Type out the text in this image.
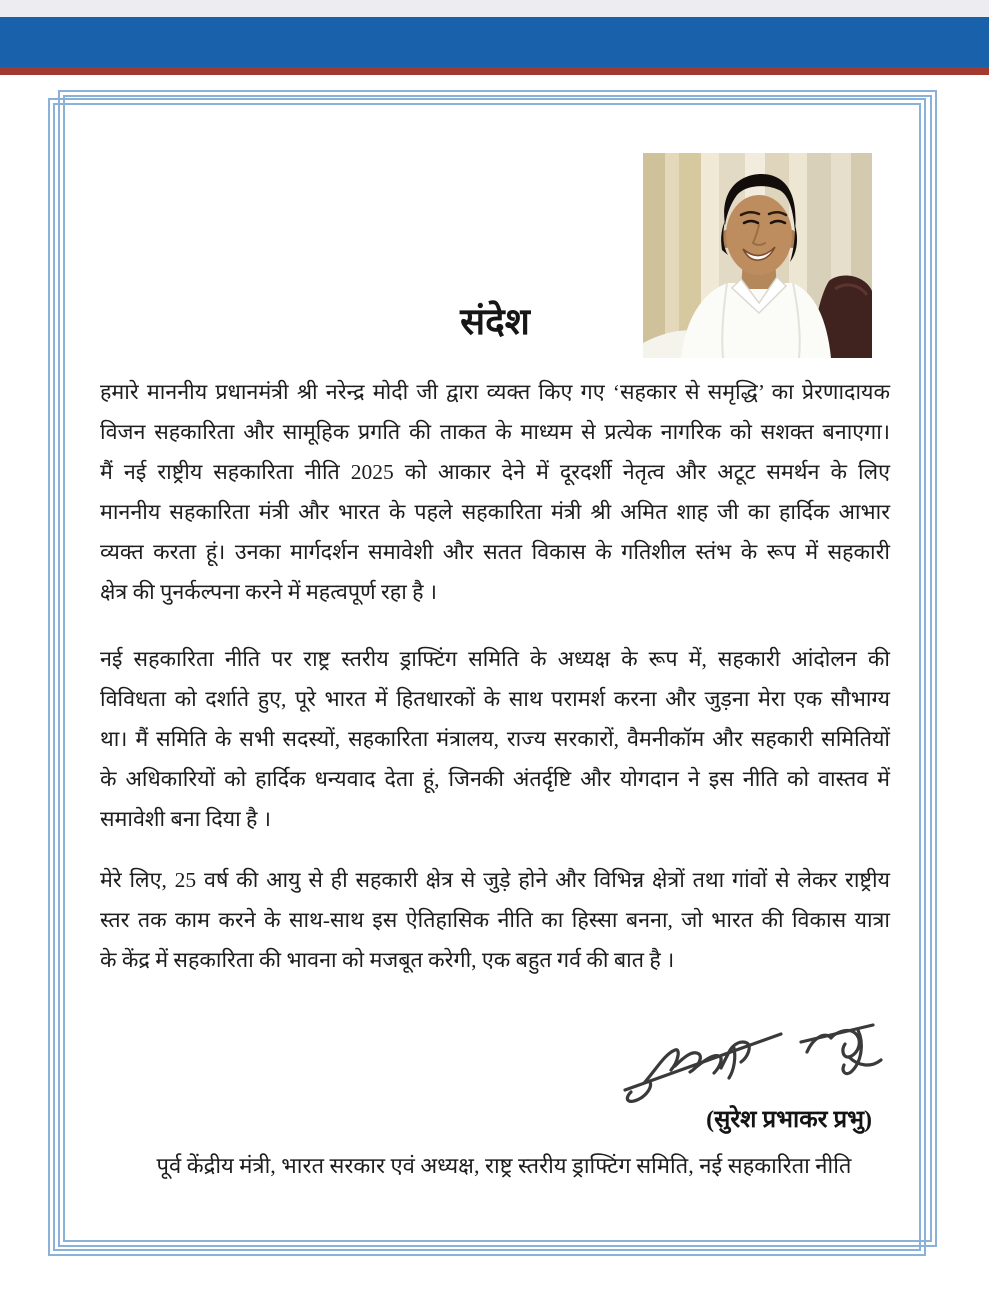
संदेश
हमारे माननीय प्रधानमंत्री श्री नरेन्द्र मोदी जी द्वारा व्यक्त किए गए ‘सहकार से समृद्धि’ का प्रेरणादायक
विजन सहकारिता और सामूहिक प्रगति की ताकत के माध्यम से प्रत्येक नागरिक को सशक्त बनाएगा।
मैं नई राष्ट्रीय सहकारिता नीति 2025 को आकार देने में दूरदर्शी नेतृत्व और अटूट समर्थन के लिए
माननीय सहकारिता मंत्री और भारत के पहले सहकारिता मंत्री श्री अमित शाह जी का हार्दिक आभार
व्यक्त करता हूं। उनका मार्गदर्शन समावेशी और सतत विकास के गतिशील स्तंभ के रूप में सहकारी
क्षेत्र की पुनर्कल्पना करने में महत्वपूर्ण रहा है ।
नई सहकारिता नीति पर राष्ट्र स्तरीय ड्राफ्टिंग समिति के अध्यक्ष के रूप में, सहकारी आंदोलन की
विविधता को दर्शाते हुए, पूरे भारत में हितधारकों के साथ परामर्श करना और जुड़ना मेरा एक सौभाग्य
था। मैं समिति के सभी सदस्यों, सहकारिता मंत्रालय, राज्य सरकारों, वैमनीकॉम और सहकारी समितियों
के अधिकारियों को हार्दिक धन्यवाद देता हूं, जिनकी अंतर्दृष्टि और योगदान ने इस नीति को वास्तव में
समावेशी बना दिया है ।
मेरे लिए, 25 वर्ष की आयु से ही सहकारी क्षेत्र से जुड़े होने और विभिन्न क्षेत्रों तथा गांवों से लेकर राष्ट्रीय
स्तर तक काम करने के साथ-साथ इस ऐतिहासिक नीति का हिस्सा बनना, जो भारत की विकास यात्रा
के केंद्र में सहकारिता की भावना को मजबूत करेगी, एक बहुत गर्व की बात है ।
(सुरेश प्रभाकर प्रभु)
पूर्व केंद्रीय मंत्री, भारत सरकार एवं अध्यक्ष, राष्ट्र स्तरीय ड्राफ्टिंग समिति, नई सहकारिता नीति
